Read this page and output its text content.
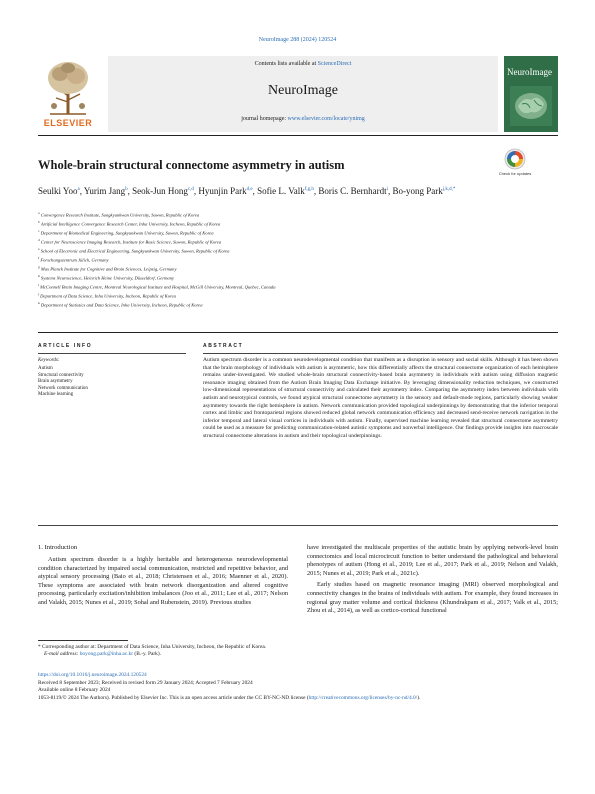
NeuroImage 288 (2024) 120524
ELSEVIER
Contents lists available at ScienceDirect
NeuroImage
journal homepage: www.elsevier.com/locate/ynimg
NeuroImage
Whole-brain structural connectome asymmetry in autism
Check for updates
Seulki Yoo$^a$, Yurim Jang$^b$, Seok-Jun Hong$^{c,d}$, Hyunjin Park$^{d,e}$, Sofie L. Valk$^{f,g,h}$, Boris C. Bernhardt$^i$, Bo-yong Park$^{j,k,d,*}$
$^a$ Convergence Research Institute, Sungkyunkwan University, Suwon, Republic of Korea
$^b$ Artificial Intelligence Convergence Research Center, Inha University, Incheon, Republic of Korea
$^c$ Department of Biomedical Engineering, Sungkyunkwan University, Suwon, Republic of Korea
$^d$ Center for Neuroscience Imaging Research, Institute for Basic Science, Suwon, Republic of Korea
$^e$ School of Electronic and Electrical Engineering, Sungkyunkwan University, Suwon, Republic of Korea
$^f$ Forschungszentrum Jülich, Germany
$^g$ Max Planck Institute for Cognitive and Brain Sciences, Leipzig, Germany
$^h$ Systems Neuroscience, Heinrich Heine University, Düsseldorf, Germany
$^i$ McConnell Brain Imaging Centre, Montreal Neurological Institute and Hospital, McGill University, Montreal, Quebec, Canada
$^j$ Department of Data Science, Inha University, Incheon, Republic of Korea
$^k$ Department of Statistics and Data Science, Inha University, Incheon, Republic of Korea
ARTICLE INFO
Keywords:
Autism
Structural connectivity
Brain asymmetry
Network communication
Machine learning
ABSTRACT

Autism spectrum disorder is a common neurodevelopmental condition that manifests as a disruption in sensory and social skills. Although it has been shown that the brain morphology of individuals with autism is asymmetric, how this differentially affects the structural connectome organization of each hemisphere remains under-investigated. We studied whole-brain structural connectivity-based brain asymmetry in individuals with autism using diffusion magnetic resonance imaging obtained from the Autism Brain Imaging Data Exchange initiative. By leveraging dimensionality reduction techniques, we constructed low-dimensional representations of structural connectivity and calculated their asymmetry index. Comparing the asymmetry index between individuals with autism and neurotypical controls, we found atypical structural connectome asymmetry in the sensory and default-mode regions, particularly showing weaker asymmetry towards the right hemisphere in autism. Network communication provided topological underpinnings by demonstrating that the inferior temporal cortex and limbic and frontoparietal regions showed reduced global network communication efficiency and decreased send-receive network navigation in the inferior temporal and lateral visual cortices in individuals with autism. Finally, supervised machine learning revealed that structural connectome asymmetry could be used as a measure for predicting communication-related autistic symptoms and nonverbal intelligence. Our findings provide insights into macroscale structural connectome alterations in autism and their topological underpinnings.

1. Introduction

Autism spectrum disorder is a highly heritable and heterogeneous neurodevelopmental condition characterized by impaired social communication, restricted and repetitive behavior, and atypical sensory processing (Baio et al., 2018; Christensen et al., 2016; Maenner et al., 2020). These symptoms are associated with brain network disorganization and altered cognitive processing, particularly excitation/inhibition imbalances (Joo et al., 2011; Lee et al., 2017; Nelson and Valakh, 2015; Nunes et al., 2019; Sohal and Rubenstein, 2019). Previous studies

have investigated the multiscale properties of the autistic brain by applying network-level brain connectomics and local microcircuit function to better understand the pathological and behavioral phenotypes of autism (Hong et al., 2019; Lee et al., 2017; Park et al., 2019; Nelson and Valakh, 2015; Nunes et al., 2019; Park et al., 2021c).

Early studies based on magnetic resonance imaging (MRI) observed morphological and connectivity changes in the brains of individuals with autism. For example, they found increases in regional gray matter volume and cortical thickness (Khundrakpam et al., 2017; Valk et al., 2015; Zhou et al., 2014), as well as cortico-cortical functional

* Corresponding author at: Department of Data Science, Inha University, Incheon, the Republic of Korea.
E-mail address: boyong.park@inha.ac.kr (B.-y. Park).
https://doi.org/10.1016/j.neuroimage.2024.120524
Received 8 September 2023; Received in revised form 29 January 2024; Accepted 7 February 2024
Available online 8 February 2024
1053-8119/© 2024 The Authors). Published by Elsevier Inc. This is an open access article under the CC BY-NC-ND license (http://creativecommons.org/licenses/by-nc-nd/4.0/).
